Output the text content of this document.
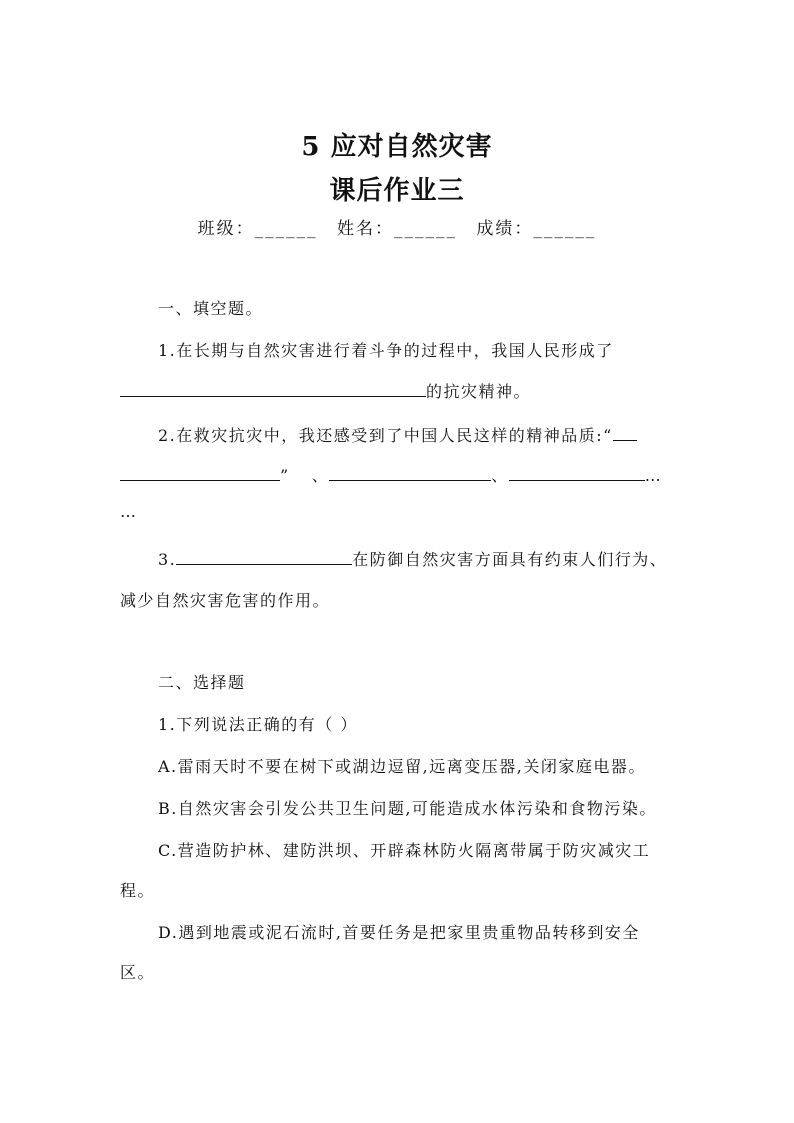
5 应对自然灾害
课后作业三
班级：______ 姓名：______ 成绩：______
一、填空题。
1.在长期与自然灾害进行着斗争的过程中，我国人民形成了
的抗灾精神。
2.在救灾抗灾中，我还感受到了中国人民这样的精神品质:“
” 、	、	…
…
3.	在防御自然灾害方面具有约束人们行为、
减少自然灾害危害的作用。
二、选择题
1.下列说法正确的有（ ）
A.雷雨天时不要在树下或湖边逗留,远离变压器,关闭家庭电器。
B.自然灾害会引发公共卫生问题,可能造成水体污染和食物污染。
C.营造防护林、建防洪坝、开辟森林防火隔离带属于防灾减灾工
程。
D.遇到地震或泥石流时,首要任务是把家里贵重物品转移到安全
区。
